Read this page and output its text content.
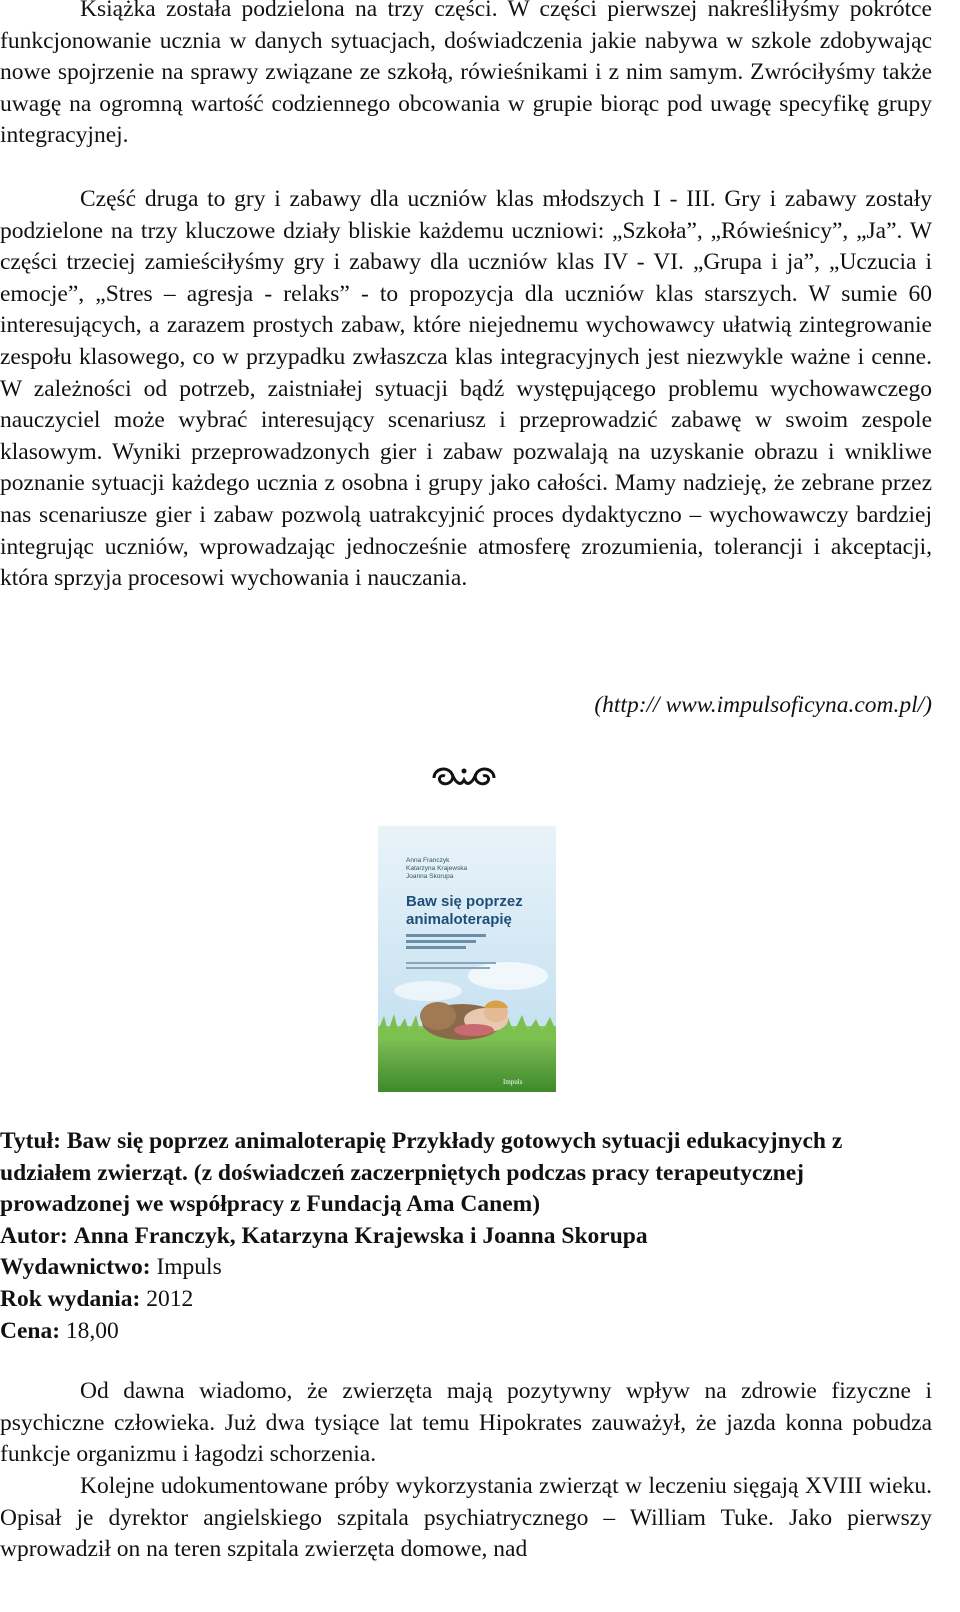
Książka została podzielona na trzy części. W części pierwszej nakreśliłyśmy pokrótce funkcjonowanie ucznia w danych sytuacjach, doświadczenia jakie nabywa w szkole zdobywając nowe spojrzenie na sprawy związane ze szkołą, rówieśnikami i z nim samym. Zwróciłyśmy także uwagę na ogromną wartość codziennego obcowania w grupie biorąc pod uwagę specyfikę grupy integracyjnej.

Część druga to gry i zabawy dla uczniów klas młodszych I - III. Gry i zabawy zostały podzielone na trzy kluczowe działy bliskie każdemu uczniowi: „Szkoła”, „Rówieśnicy”, „Ja”. W części trzeciej zamieściłyśmy gry i zabawy dla uczniów klas IV - VI. „Grupa i ja”, „Uczucia i emocje”, „Stres – agresja - relaks” - to propozycja dla uczniów klas starszych. W sumie 60 interesujących, a zarazem prostych zabaw, które niejednemu wychowawcy ułatwią zintegrowanie zespołu klasowego, co w przypadku zwłaszcza klas integracyjnych jest niezwykle ważne i cenne. W zależności od potrzeb, zaistniałej sytuacji bądź występującego problemu wychowawczego nauczyciel może wybrać interesujący scenariusz i przeprowadzić zabawę w swoim zespole klasowym. Wyniki przeprowadzonych gier i zabaw pozwalają na uzyskanie obrazu i wnikliwe poznanie sytuacji każdego ucznia z osobna i grupy jako całości. Mamy nadzieję, że zebrane przez nas scenariusze gier i zabaw pozwolą uatrakcyjnić proces dydaktyczno – wychowawczy bardziej integrując uczniów, wprowadzając jednocześnie atmosferę zrozumienia, tolerancji i akceptacji, która sprzyja procesowi wychowania i nauczania.

(http:// www.impulsoficyna.com.pl/)
Anna Franczyk
Katarzyna Krajewska
Joanna Skorupa
Baw się poprzez
animaloterapię
Impuls
Tytuł: Baw się poprzez animaloterapię Przykłady gotowych sytuacji edukacyjnych z udziałem zwierząt. (z doświadczeń zaczerpniętych podczas pracy terapeutycznej prowadzonej we współpracy z Fundacją Ama Canem)
Autor: Anna Franczyk, Katarzyna Krajewska i Joanna Skorupa
Wydawnictwo: Impuls
Rok wydania: 2012
Cena: 18,00

Od dawna wiadomo, że zwierzęta mają pozytywny wpływ na zdrowie fizyczne i psychiczne człowieka. Już dwa tysiące lat temu Hipokrates zauważył, że jazda konna pobudza funkcje organizmu i łagodzi schorzenia.

Kolejne udokumentowane próby wykorzystania zwierząt w leczeniu sięgają XVIII wieku. Opisał je dyrektor angielskiego szpitala psychiatrycznego – William Tuke. Jako pierwszy wprowadził on na teren szpitala zwierzęta domowe, nad
